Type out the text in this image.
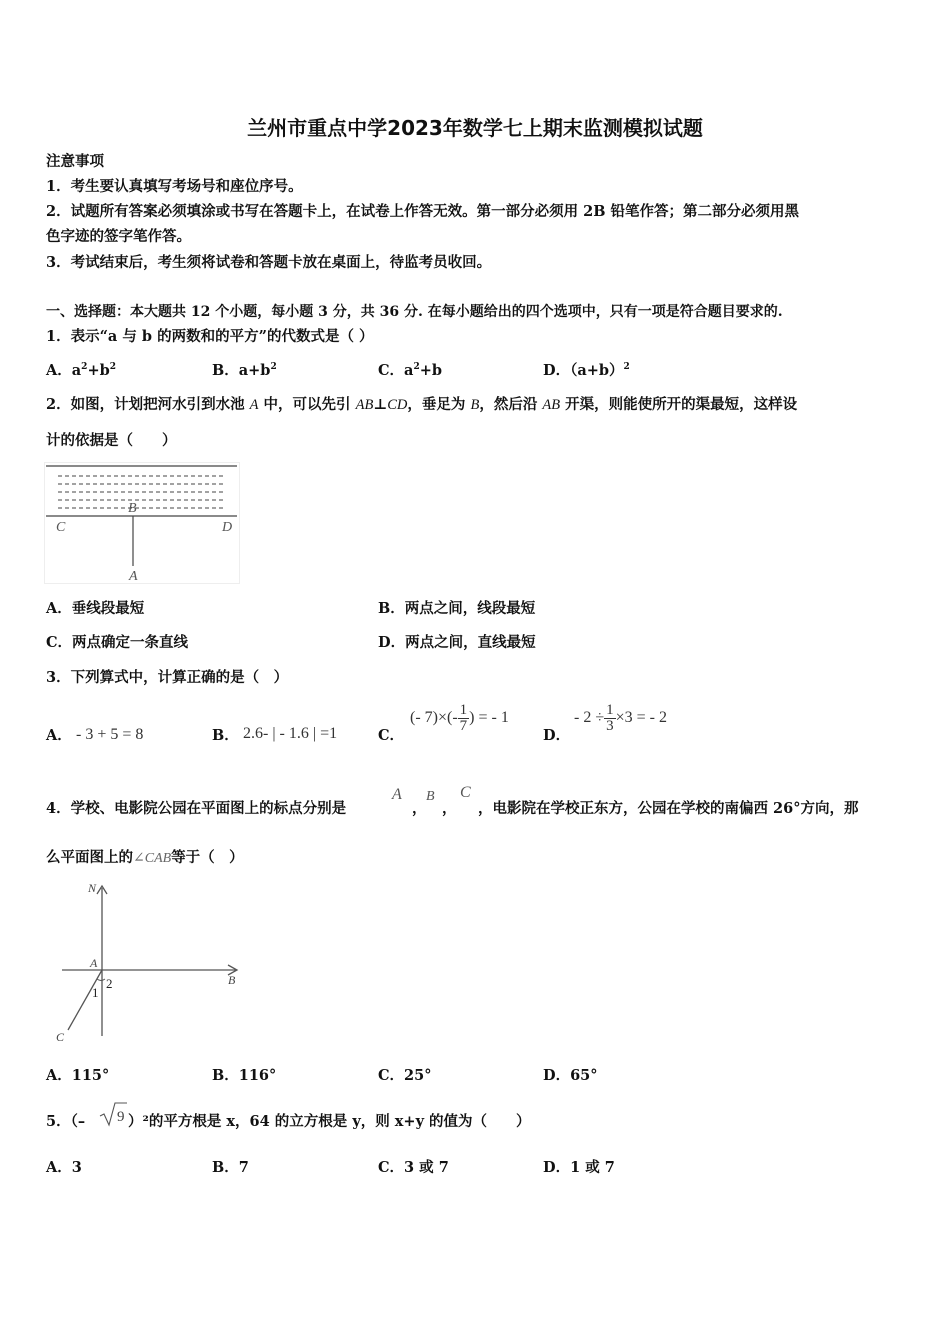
兰州市重点中学2023年数学七上期末监测模拟试题
注意事项
1．考生要认真填写考场号和座位序号。
2．试题所有答案必须填涂或书写在答题卡上，在试卷上作答无效。第一部分必须用 2B 铅笔作答；第二部分必须用黑
色字迹的签字笔作答。
3．考试结束后，考生须将试卷和答题卡放在桌面上，待监考员收回。
一、选择题：本大题共 12 个小题，每小题 3 分，共 36 分. 在每小题给出的四个选项中，只有一项是符合题目要求的.
1．表示“a 与 b 的两数和的平方”的代数式是（ ）
A．$a^2+b^2$	B．$a+b^2$	C．$a^2+b$	D．$(a+b)^2$
2．如图，计划把河水引到水池 A 中，可以先引 AB⊥CD，垂足为 B，然后沿 AB 开渠，则能使所开的渠最短，这样设
计的依据是（　　）
C
B
D
A
A．垂线段最短	B．两点之间，线段最短
C．两点确定一条直线	D．两点之间，直线最短
3．下列算式中，计算正确的是（　）
A． - 3 + 5 = 8	B． 2.6- | - 1.6 | =1	C．
(- $7)\times(- \frac{1}{7}$ ) = - 1
D．
- $2 \div \frac{1}{3} \times 3$ = - 2
4．学校、电影院公园在平面图上的标点分别是
A
，
B
，
C
，电影院在学校正东方，公园在学校的南偏西 26°方向，那
么平面图上的∠CAB等于（　）
N
A
B
C
1
2
A．115°	B．116°	C．25°	D．65°
5．（– 9 ）²的平方根是 x，64 的立方根是 y，则 x+y 的值为（　　）
A．3	B．7	C．3 或 7	D．1 或 7
